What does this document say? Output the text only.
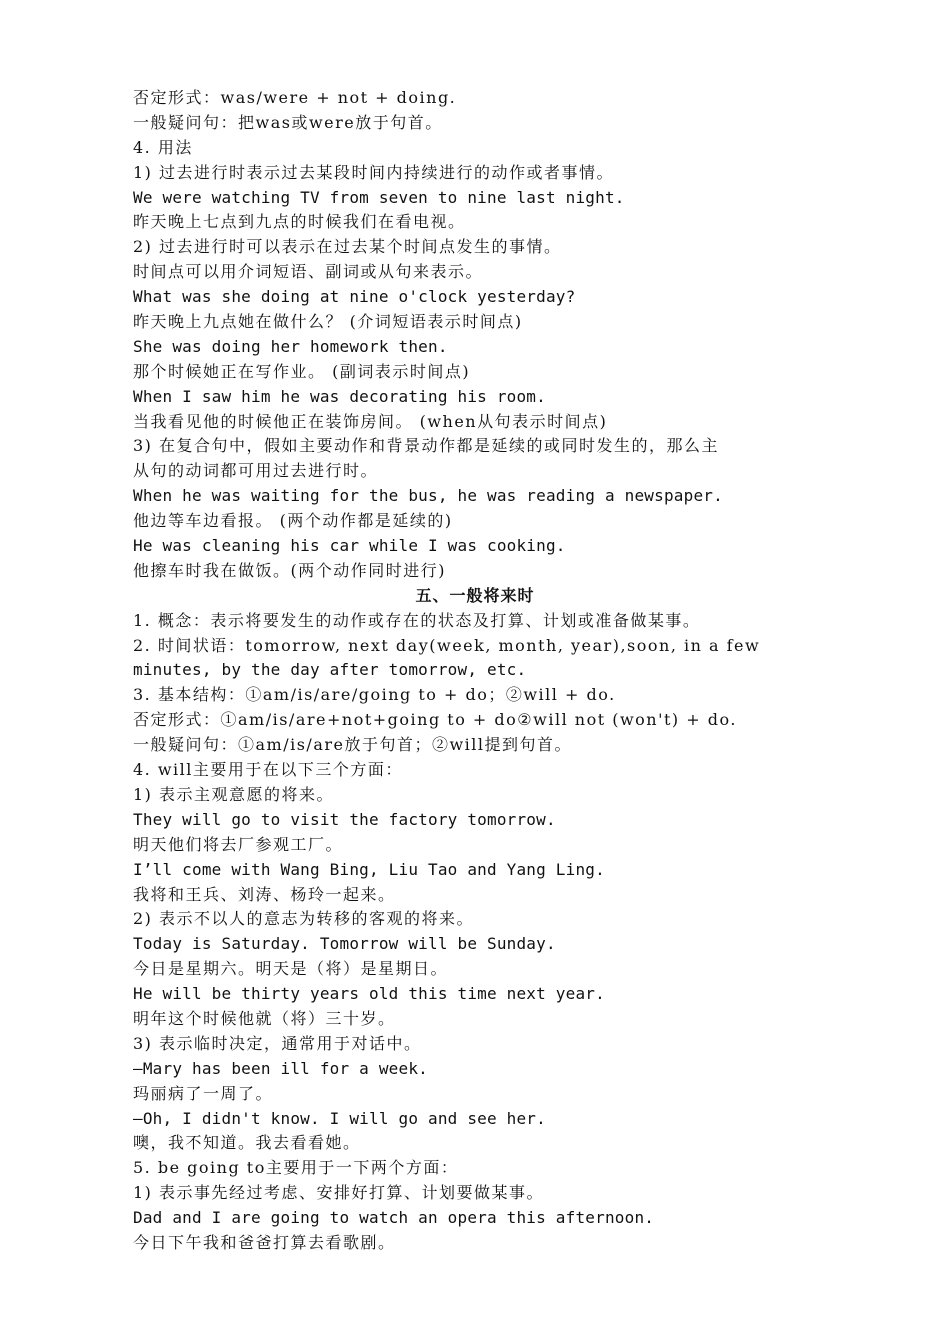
否定形式：was/were + not + doing.
一般疑问句：把was或were放于句首。
4. 用法
1) 过去进行时表示过去某段时间内持续进行的动作或者事情。
We were watching TV from seven to nine last night.
昨天晚上七点到九点的时候我们在看电视。
2) 过去进行时可以表示在过去某个时间点发生的事情。
时间点可以用介词短语、副词或从句来表示。
What was she doing at nine o'clock yesterday?
昨天晚上九点她在做什么？ (介词短语表示时间点)
She was doing her homework then.
那个时候她正在写作业。 (副词表示时间点)
When I saw him he was decorating his room.
当我看见他的时候他正在装饰房间。 (when从句表示时间点)
3) 在复合句中，假如主要动作和背景动作都是延续的或同时发生的，那么主
从句的动词都可用过去进行时。
When he was waiting for the bus, he was reading a newspaper.
他边等车边看报。 (两个动作都是延续的)
He was cleaning his car while I was cooking.
他擦车时我在做饭。(两个动作同时进行)
五、一般将来时
1. 概念：表示将要发生的动作或存在的状态及打算、计划或准备做某事。
2. 时间状语：tomorrow, next day(week, month, year),soon, in a few
minutes, by the day after tomorrow, etc.
3. 基本结构：①am/is/are/going to + do；②will + do.
否定形式：①am/is/are+not+going to + do②will not (won't) + do.
一般疑问句：①am/is/are放于句首；②will提到句首。
4. will主要用于在以下三个方面：
1) 表示主观意愿的将来。
They will go to visit the factory tomorrow.
明天他们将去厂参观工厂。
I’ll come with Wang Bing, Liu Tao and Yang Ling.
我将和王兵、刘涛、杨玲一起来。
2) 表示不以人的意志为转移的客观的将来。
Today is Saturday. Tomorrow will be Sunday.
今日是星期六。明天是（将）是星期日。
He will be thirty years old this time next year.
明年这个时候他就（将）三十岁。
3) 表示临时决定，通常用于对话中。
—Mary has been ill for a week.
玛丽病了一周了。
—Oh, I didn't know. I will go and see her.
噢，我不知道。我去看看她。
5. be going to主要用于一下两个方面：
1) 表示事先经过考虑、安排好打算、计划要做某事。
Dad and I are going to watch an opera this afternoon.
今日下午我和爸爸打算去看歌剧。
